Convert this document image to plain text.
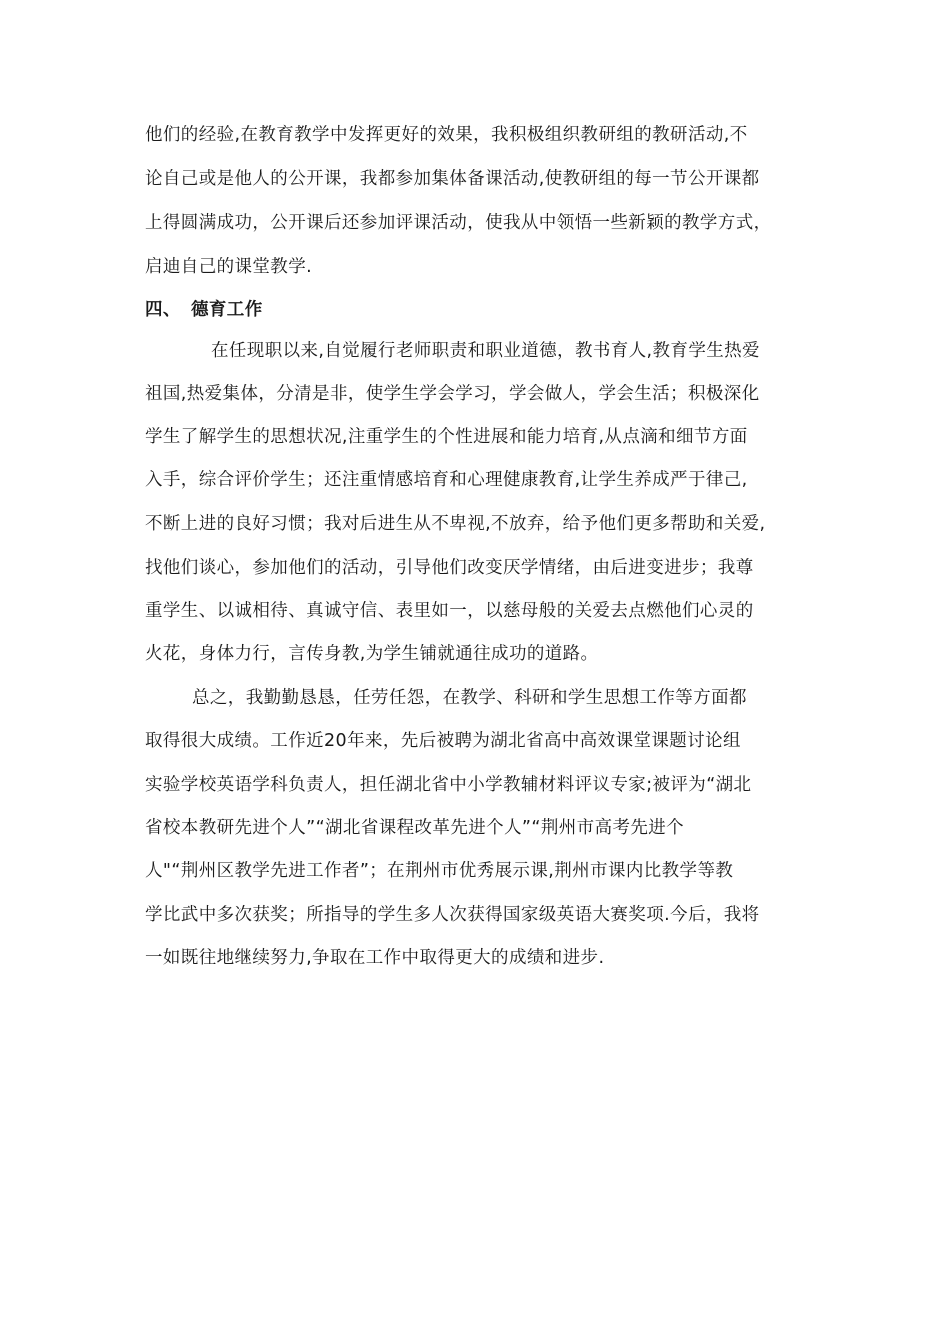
他们的经验,在教育教学中发挥更好的效果，我积极组织教研组的教研活动,不
论自己或是他人的公开课，我都参加集体备课活动,使教研组的每一节公开课都
上得圆满成功，公开课后还参加评课活动，使我从中领悟一些新颖的教学方式，
启迪自己的课堂教学.
四、 德育工作
在任现职以来,自觉履行老师职责和职业道德，教书育人,教育学生热爱
祖国,热爱集体，分清是非，使学生学会学习，学会做人，学会生活；积极深化
学生了解学生的思想状况,注重学生的个性进展和能力培育,从点滴和细节方面
入手，综合评价学生；还注重情感培育和心理健康教育,让学生养成严于律己,
不断上进的良好习惯；我对后进生从不卑视,不放弃，给予他们更多帮助和关爱,
找他们谈心，参加他们的活动，引导他们改变厌学情绪，由后进变进步；我尊
重学生、以诚相待、真诚守信、表里如一，以慈母般的关爱去点燃他们心灵的
火花，身体力行，言传身教,为学生铺就通往成功的道路。
总之，我勤勤恳恳，任劳任怨，在教学、科研和学生思想工作等方面都
取得很大成绩。工作近20年来，先后被聘为湖北省高中高效课堂课题讨论组
实验学校英语学科负责人，担任湖北省中小学教辅材料评议专家;被评为“湖北
省校本教研先进个人”“湖北省课程改革先进个人”“荆州市高考先进个
人"“荆州区教学先进工作者”；在荆州市优秀展示课,荆州市课内比教学等教
学比武中多次获奖；所指导的学生多人次获得国家级英语大赛奖项.今后，我将
一如既往地继续努力,争取在工作中取得更大的成绩和进步.
